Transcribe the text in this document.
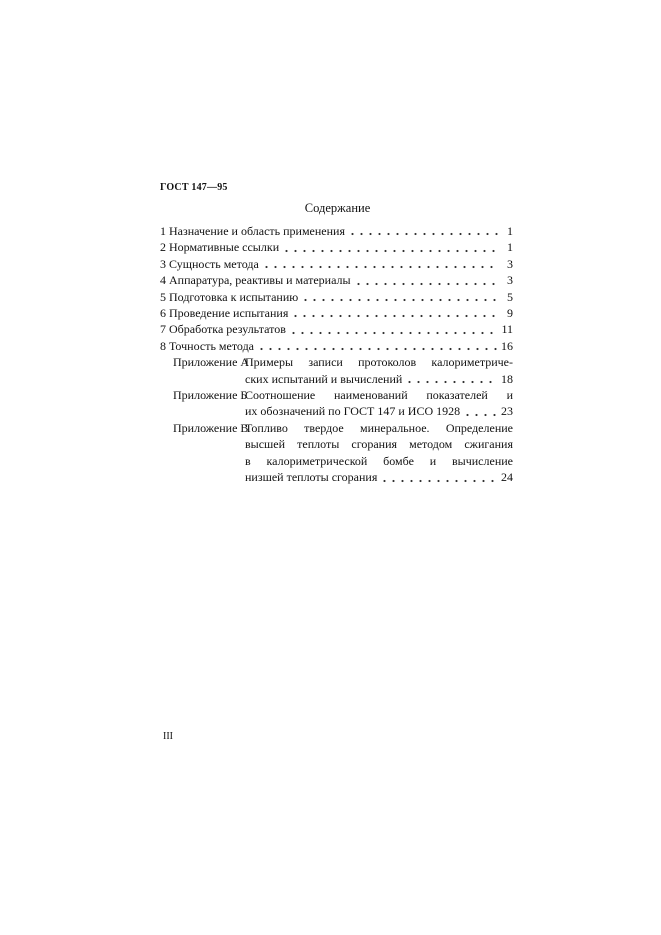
ГОСТ 147—95
Содержание
1 Назначение и область применения	1
2 Нормативные ссылки	1
3 Сущность метода	3
4 Аппаратура, реактивы и материалы	3
5 Подготовка к испытанию	5
6 Проведение испытания	9
7 Обработка результатов	11
8 Точность метода	16
Приложение А
Примеры записи протоколов калориметриче-
ских испытаний и вычислений	18
Приложение Б
Соотношение наименований показателей и
их обозначений по ГОСТ 147 и ИСО 1928	23
Приложение В
Топливо твердое минеральное. Определение
высшей теплоты сгорания методом сжигания
в калориметрической бомбе и вычисление
низшей теплоты сгорания	24
III
